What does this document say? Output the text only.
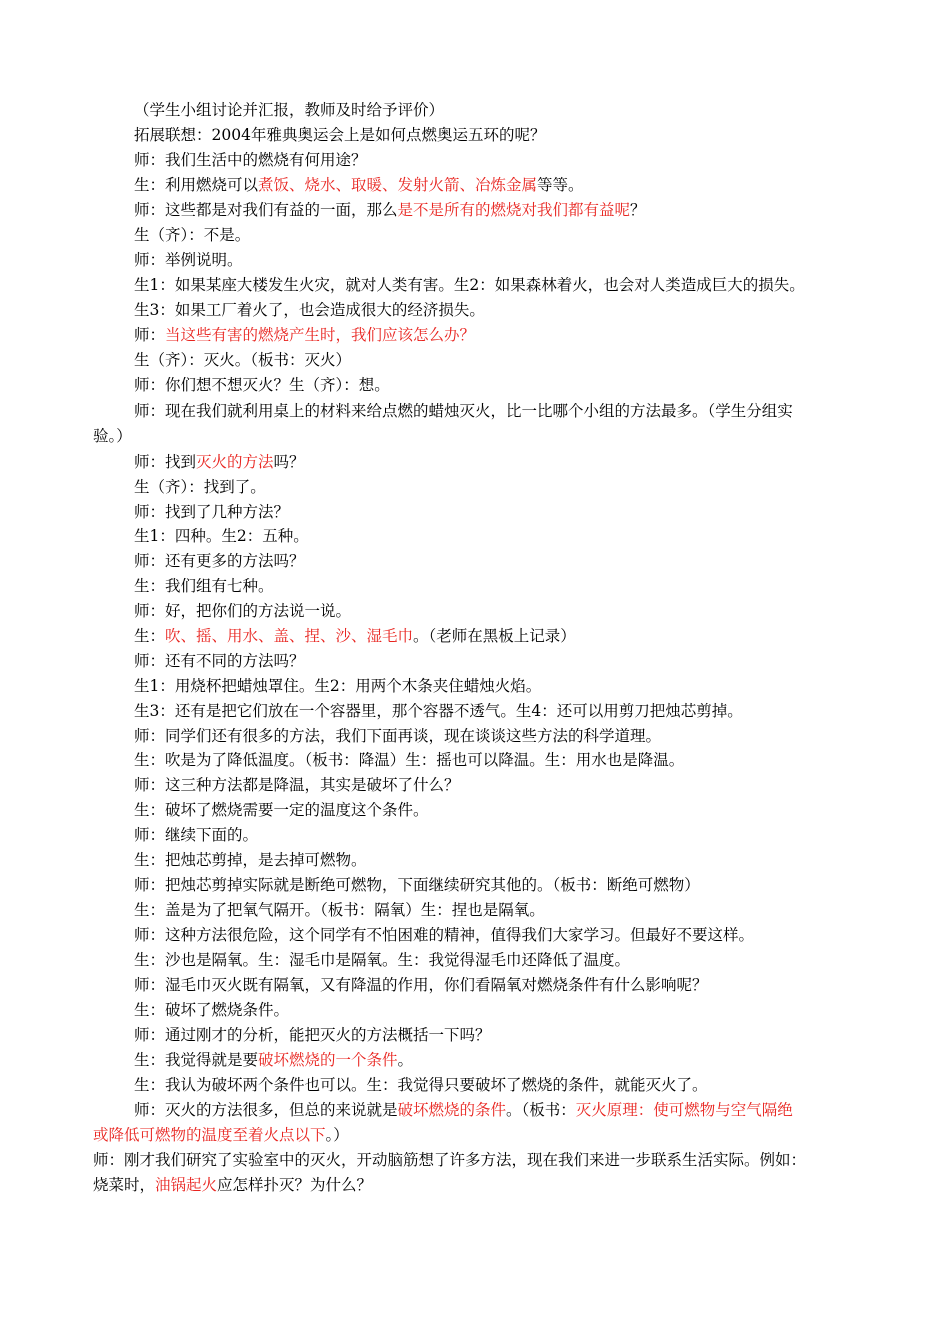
（学生小组讨论并汇报，教师及时给予评价）
拓展联想：2004年雅典奥运会上是如何点燃奥运五环的呢？
师：我们生活中的燃烧有何用途？
生：利用燃烧可以煮饭、烧水、取暖、发射火箭、冶炼金属等等。
师：这些都是对我们有益的一面，那么是不是所有的燃烧对我们都有益呢？
生（齐）：不是。
师：举例说明。
生1：如果某座大楼发生火灾，就对人类有害。生2：如果森林着火，也会对人类造成巨大的损失。
生3：如果工厂着火了，也会造成很大的经济损失。
师：当这些有害的燃烧产生时，我们应该怎么办？
生（齐）：灭火。（板书：灭火）
师：你们想不想灭火？生（齐）：想。
师：现在我们就利用桌上的材料来给点燃的蜡烛灭火，比一比哪个小组的方法最多。（学生分组实
验。）
师：找到灭火的方法吗？
生（齐）：找到了。
师：找到了几种方法？
生1：四种。生2：五种。
师：还有更多的方法吗？
生：我们组有七种。
师：好，把你们的方法说一说。
生：吹、摇、用水、盖、捏、沙、湿毛巾。（老师在黑板上记录）
师：还有不同的方法吗？
生1：用烧杯把蜡烛罩住。生2：用两个木条夹住蜡烛火焰。
生3：还有是把它们放在一个容器里，那个容器不透气。生4：还可以用剪刀把烛芯剪掉。
师：同学们还有很多的方法，我们下面再谈，现在谈谈这些方法的科学道理。
生：吹是为了降低温度。（板书：降温）生：摇也可以降温。生：用水也是降温。
师：这三种方法都是降温，其实是破坏了什么？
生：破坏了燃烧需要一定的温度这个条件。
师：继续下面的。
生：把烛芯剪掉，是去掉可燃物。
师：把烛芯剪掉实际就是断绝可燃物，下面继续研究其他的。（板书：断绝可燃物）
生：盖是为了把氧气隔开。（板书：隔氧）生：捏也是隔氧。
师：这种方法很危险，这个同学有不怕困难的精神，值得我们大家学习。但最好不要这样。
生：沙也是隔氧。生：湿毛巾是隔氧。生：我觉得湿毛巾还降低了温度。
师：湿毛巾灭火既有隔氧，又有降温的作用，你们看隔氧对燃烧条件有什么影响呢？
生：破坏了燃烧条件。
师：通过刚才的分析，能把灭火的方法概括一下吗？
生：我觉得就是要破坏燃烧的一个条件。
生：我认为破坏两个条件也可以。生：我觉得只要破坏了燃烧的条件，就能灭火了。
师：灭火的方法很多，但总的来说就是破坏燃烧的条件。（板书：灭火原理：使可燃物与空气隔绝
或降低可燃物的温度至着火点以下。）
师：刚才我们研究了实验室中的灭火，开动脑筋想了许多方法，现在我们来进一步联系生活实际。例如：
烧菜时，油锅起火应怎样扑灭？为什么？
